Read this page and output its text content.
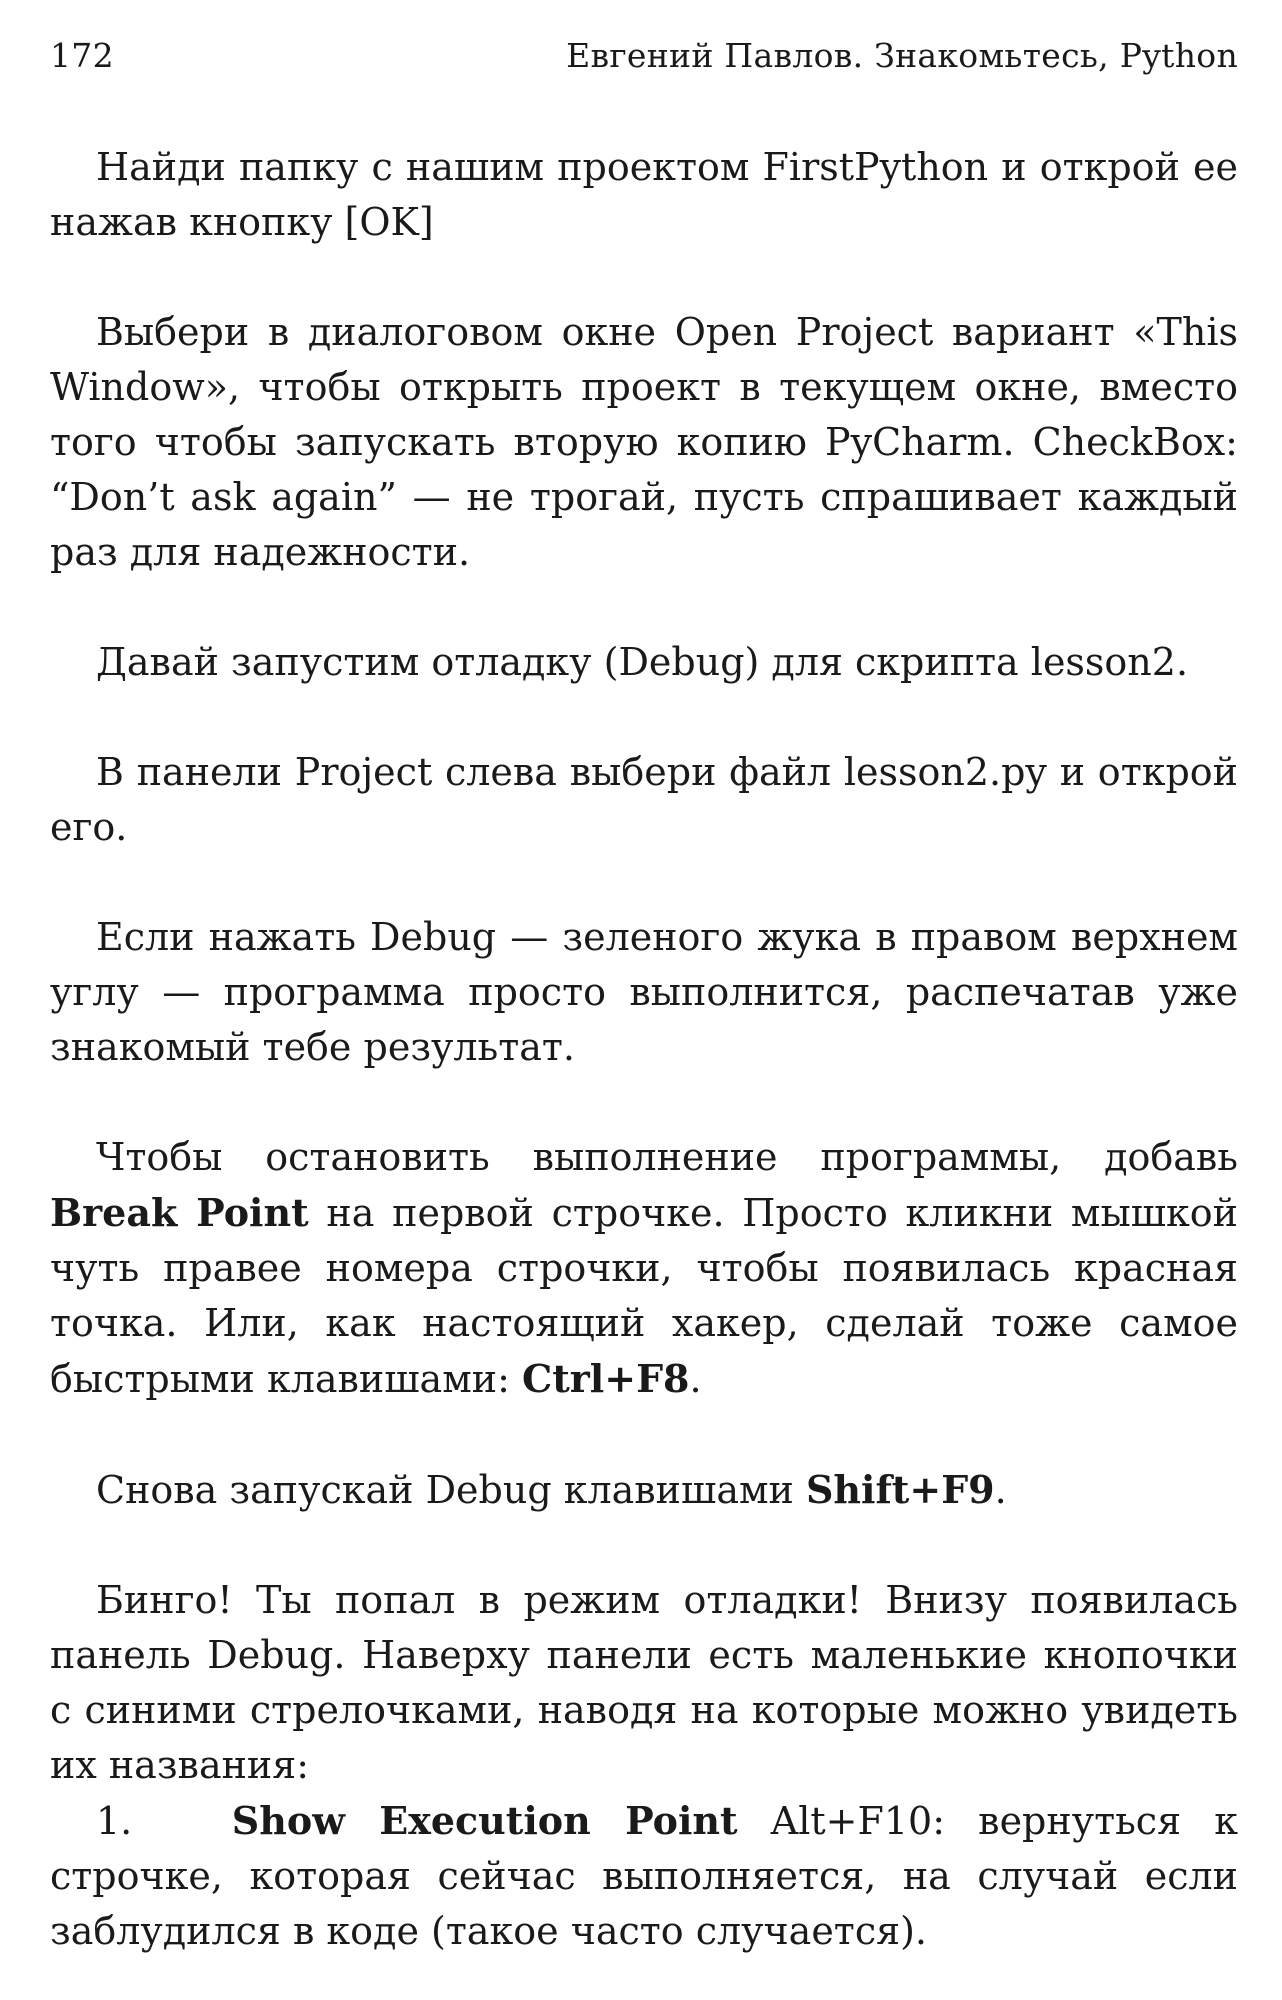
172	Евгений Павлов. Знакомьтесь, Python

Найди папку с нашим проектом FirstPython и открой ее нажав кнопку [OK]

Выбери в диалоговом окне Open Project вариант «This Window», чтобы открыть проект в текущем окне, вместо того чтобы запускать вторую копию PyCharm. CheckBox: “Don’t ask again” — не трогай, пусть спрашивает каждый раз для надежности.

Давай запустим отладку (Debug) для скрипта lesson2.

В панели Project слева выбери файл lesson2.py и открой его.

Если нажать Debug — зеленого жука в правом верхнем углу — программа просто выполнится, распечатав уже знакомый тебе результат.

Чтобы остановить выполнение программы, добавь Break Point на первой строчке. Просто кликни мышкой чуть правее номера строчки, чтобы появилась красная точка. Или, как настоящий хакер, сделай тоже самое быстрыми клавишами: Ctrl+F8.

Снова запускай Debug клавишами Shift+F9.

Бинго! Ты попал в режим отладки! Внизу появилась панель Debug. Наверху панели есть маленькие кнопочки с синими стрелочками, наводя на которые можно увидеть их названия:

1.	Show Execution Point Alt+F10: вернуться к строчке, которая сейчас выполняется, на случай если заблудился в коде (такое часто случается).
